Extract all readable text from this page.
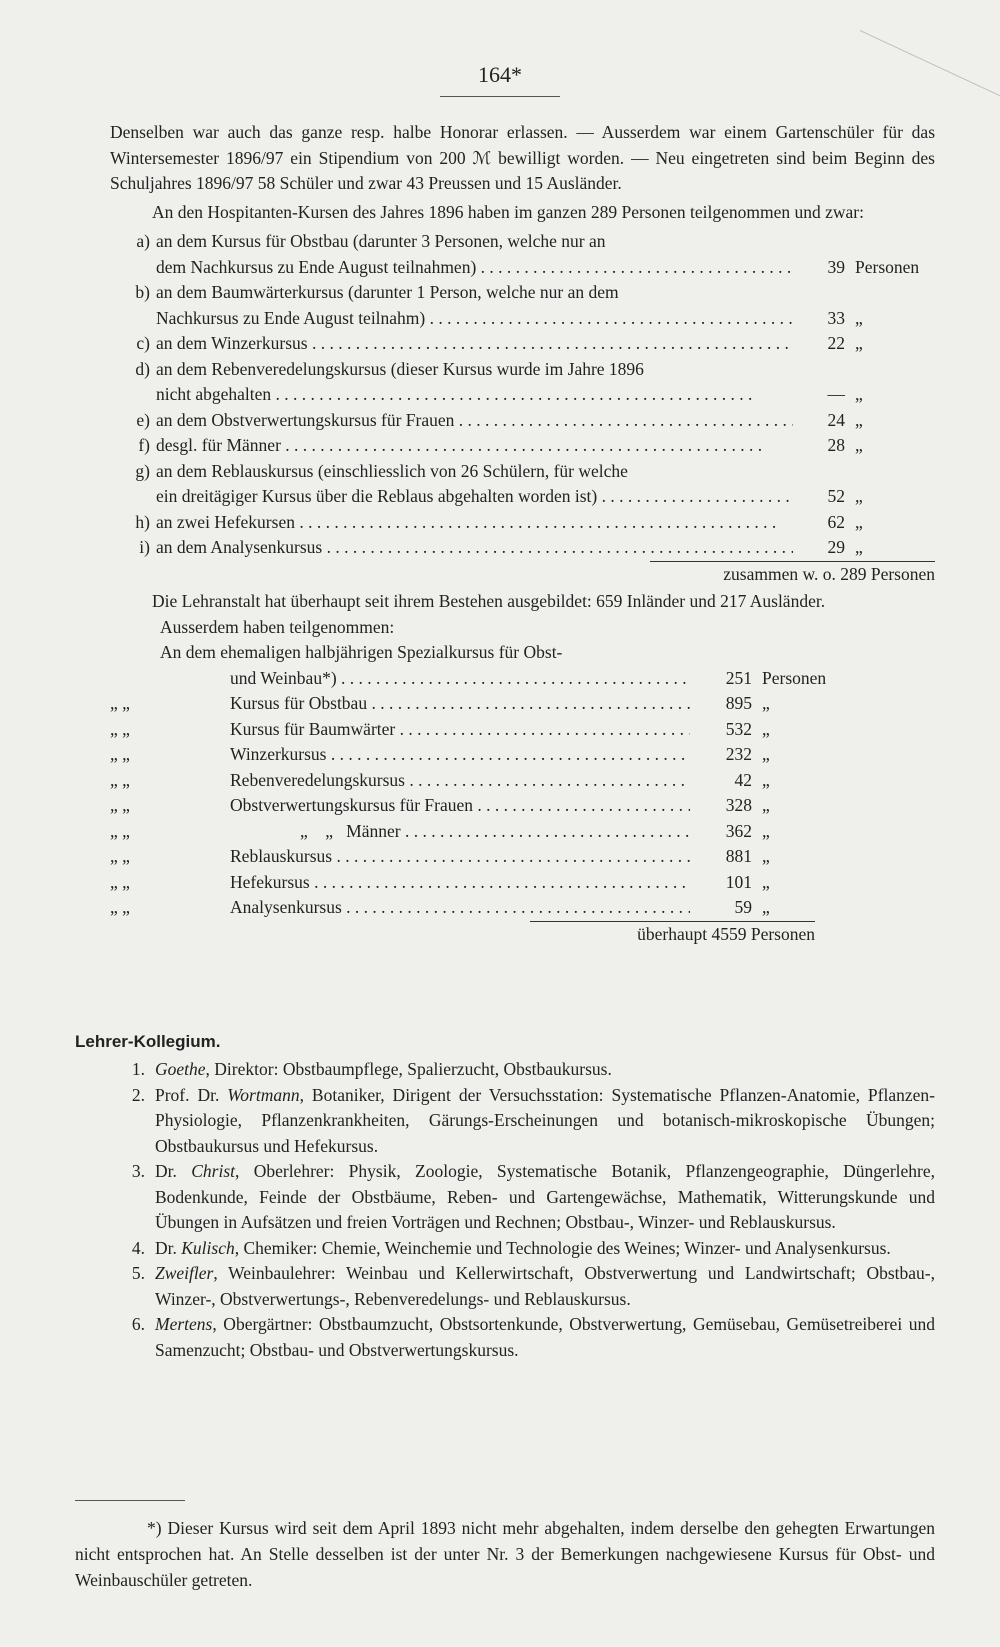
164*
Denselben war auch das ganze resp. halbe Honorar erlassen. — Ausserdem war einem Gartenschüler für das Wintersemester 1896/97 ein Stipendium von 200 ℳ bewilligt worden. — Neu eingetreten sind beim Beginn des Schuljahres 1896/97 58 Schüler und zwar 43 Preussen und 15 Ausländer.
An den Hospitanten-Kursen des Jahres 1896 haben im ganzen 289 Personen teilgenommen und zwar:
a) an dem Kursus für Obstbau (darunter 3 Personen, welche nur an
dem Nachkursus zu Ende August teilnahmen) . . .	39 Personen
b) an dem Baumwärterkursus (darunter 1 Person, welche nur an dem
Nachkursus zu Ende August teilnahm) . . .	33 „
c) an dem Winzerkursus . . .	22 „
d) an dem Rebenveredelungskursus (dieser Kursus wurde im Jahre 1896
nicht abgehalten . . .	— „
e) an dem Obstverwertungskursus für Frauen . . .	24 „
f) desgl. für Männer . . .	28 „
g) an dem Reblauskursus (einschliesslich von 26 Schülern, für welche
ein dreitägiger Kursus über die Reblaus abgehalten worden ist) . . .	52 „
h) an zwei Hefekursen . . .	62 „
i) an dem Analysenkursus . . .	29 „
zusammen w. o. 289 Personen
Die Lehranstalt hat überhaupt seit ihrem Bestehen ausgebildet: 659 Inländer und 217 Ausländer.
Ausserdem haben teilgenommen:
An dem ehemaligen halbjährigen Spezialkursus für Obst-
und Weinbau*) . . .	251 Personen
„ „	Kursus für Obstbau . . .	895 „
„ „	Kursus für Baumwärter . . .	532 „
„ „	Winzerkursus . . .	232 „
„ „	Rebenveredelungskursus . . .	42 „
„ „	Obstverwertungskursus für Frauen . . .	328 „
„ „	„    „   Männer . . .	362 „
„ „	Reblauskursus . . .	881 „
„ „	Hefekursus . . .	101 „
„ „	Analysenkursus . . .	59 „
überhaupt 4559 Personen
Lehrer-Kollegium.
1. Goethe, Direktor: Obstbaumpflege, Spalierzucht, Obstbaukursus.
2. Prof. Dr. Wortmann, Botaniker, Dirigent der Versuchsstation: Systematische Pflanzen-Anatomie, Pflanzen-Physiologie, Pflanzenkrankheiten, Gärungs-Erscheinungen und botanisch-mikroskopische Übungen; Obstbaukursus und Hefekursus.
3. Dr. Christ, Oberlehrer: Physik, Zoologie, Systematische Botanik, Pflanzengeographie, Düngerlehre, Bodenkunde, Feinde der Obstbäume, Reben- und Gartengewächse, Mathematik, Witterungskunde und Übungen in Aufsätzen und freien Vorträgen und Rechnen; Obstbau-, Winzer- und Reblauskursus.
4. Dr. Kulisch, Chemiker: Chemie, Weinchemie und Technologie des Weines; Winzer- und Analysenkursus.
5. Zweifler, Weinbaulehrer: Weinbau und Kellerwirtschaft, Obstverwertung und Landwirtschaft; Obstbau-, Winzer-, Obstverwertungs-, Rebenveredelungs- und Reblauskursus.
6. Mertens, Obergärtner: Obstbaumzucht, Obstsortenkunde, Obstverwertung, Gemüsebau, Gemüsetreiberei und Samenzucht; Obstbau- und Obstverwertungskursus.
*) Dieser Kursus wird seit dem April 1893 nicht mehr abgehalten, indem derselbe den gehegten Erwartungen nicht entsprochen hat. An Stelle desselben ist der unter Nr. 3 der Bemerkungen nachgewiesene Kursus für Obst- und Weinbauschüler getreten.
